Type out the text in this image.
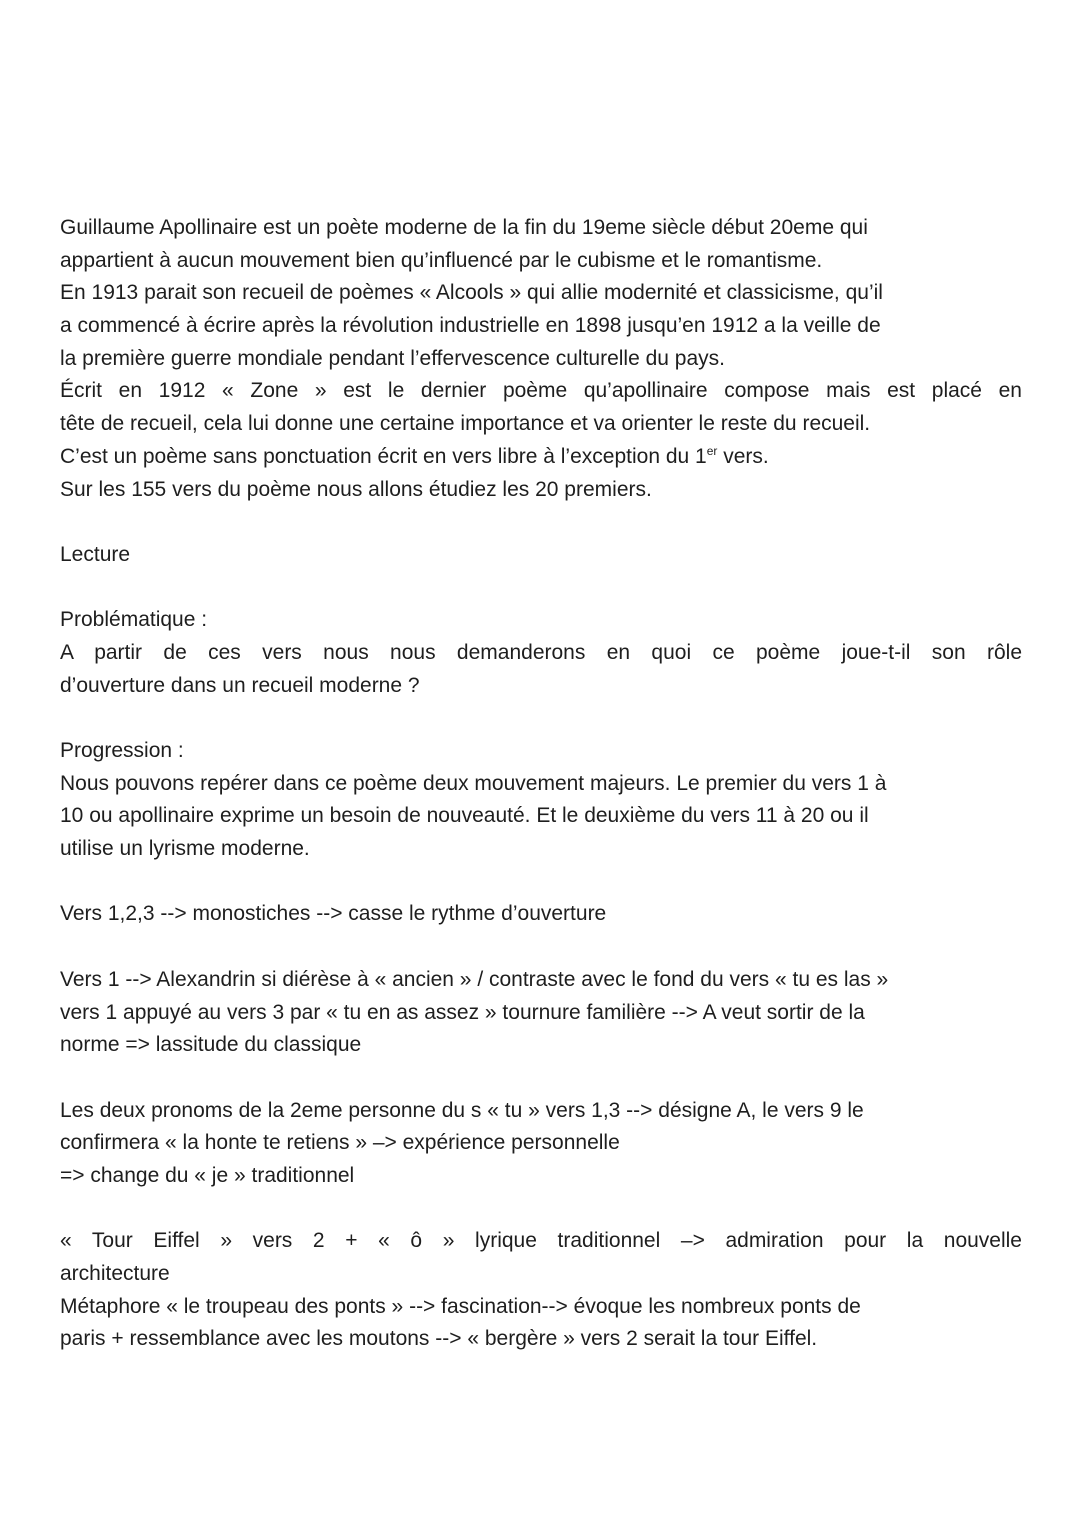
Guillaume Apollinaire est un poète moderne de la fin du 19eme siècle début 20eme qui
appartient à aucun mouvement bien qu’influencé par le cubisme et le romantisme.
En 1913 parait son recueil de poèmes « Alcools » qui allie modernité et classicisme, qu’il
a commencé à écrire après la révolution industrielle en 1898 jusqu’en 1912 a la veille de
la première guerre mondiale pendant l’effervescence culturelle du pays.
Écrit en 1912 « Zone » est le dernier poème qu’apollinaire compose mais est placé en
tête de recueil, cela lui donne une certaine importance et va orienter le reste du recueil.
C’est un poème sans ponctuation écrit en vers libre à l’exception du 1er vers.
Sur les 155 vers du poème nous allons étudiez les 20 premiers.
Lecture
Problématique :
A partir de ces vers nous nous demanderons en quoi ce poème joue-t-il son rôle
d’ouverture dans un recueil moderne ?
Progression :
Nous pouvons repérer dans ce poème deux mouvement majeurs. Le premier du vers 1 à
10 ou apollinaire exprime un besoin de nouveauté. Et le deuxième du vers 11 à 20 ou il
utilise un lyrisme moderne.
Vers 1,2,3 --> monostiches --> casse le rythme d’ouverture
Vers 1 --> Alexandrin si diérèse à « ancien » / contraste avec le fond du vers « tu es las »
vers 1 appuyé au vers 3 par « tu en as assez » tournure familière --> A veut sortir de la
norme => lassitude du classique
Les deux pronoms de la 2eme personne du s « tu » vers 1,3 --> désigne A, le vers 9 le
confirmera « la honte te retiens » –> expérience personnelle
=> change du « je » traditionnel
« Tour Eiffel » vers 2 + « ô » lyrique traditionnel –> admiration pour la nouvelle
architecture
Métaphore « le troupeau des ponts » --> fascination--> évoque les nombreux ponts de
paris + ressemblance avec les moutons --> « bergère » vers 2 serait la tour Eiffel.
